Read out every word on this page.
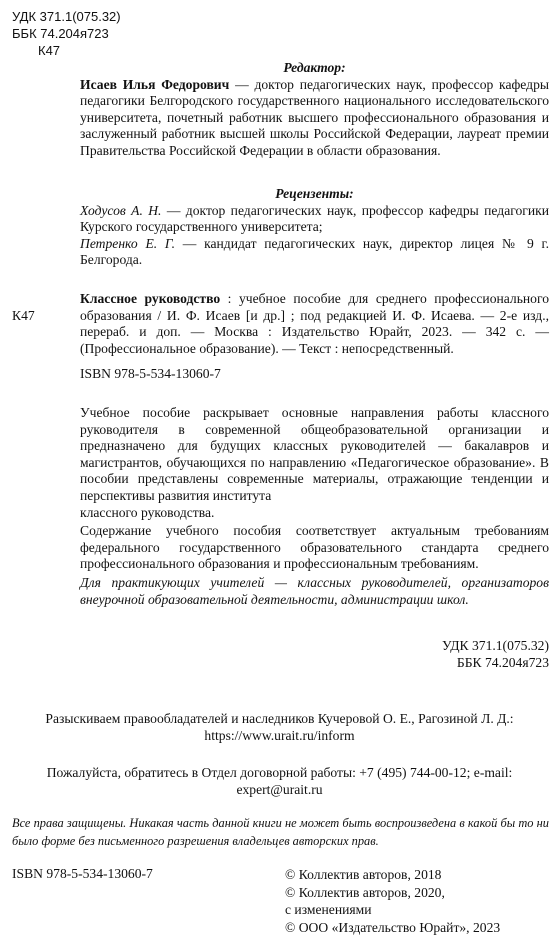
УДК 371.1(075.32)
ББК 74.204я723
К47
Редактор:
Исаев Илья Федорович — доктор педагогических наук, профессор кафедры педагогики Белгородского государственного национального исследовательского университета, почетный работник высшего профессионального образования и заслуженный работник высшей школы Российской Федерации, лауреат премии Правительства Российской Федерации в области образования.
Рецензенты:
Ходусов А. Н. — доктор педагогических наук, профессор кафедры педагогики Курского государственного университета;
Петренко Е. Г. — кандидат педагогических наук, директор лицея № 9 г. Белгорода.
К47
Классное руководство : учебное пособие для среднего профессионального образования / И. Ф. Исаев [и др.] ; под редакцией И. Ф. Исаева. — 2-е изд., перераб. и доп. — Москва : Издательство Юрайт, 2023. — 342 с. — (Профессиональное образование). — Текст : непосредственный.
ISBN 978-5-534-13060-7
Учебное пособие раскрывает основные направления работы классного руководителя в современной общеобразовательной организации и предназначено для будущих классных руководителей — бакалавров и магистрантов, обучающихся по направлению «Педагогическое образование». В пособии представлены современные материалы, отражающие тенденции и перспективы развития института
классного руководства.
Содержание учебного пособия соответствует актуальным требованиям федерального государственного образовательного стандарта среднего профессионального образования и профессиональным требованиям.
Для практикующих учителей — классных руководителей, организаторов внеурочной образовательной деятельности, администрации школ.
УДК 371.1(075.32)
ББК 74.204я723
Разыскиваем правообладателей и наследников Кучеровой О. Е., Рагозиной Л. Д.:
https://www.urait.ru/inform
Пожалуйста, обратитесь в Отдел договорной работы: +7 (495) 744-00-12; e-mail:
expert@urait.ru
Все права защищены. Никакая часть данной книги не может быть воспроизведена в какой бы то ни было форме без письменного разрешения владельцев авторских прав.
ISBN 978-5-534-13060-7	© Коллектив авторов, 2018
© Коллектив авторов, 2020,
с изменениями
© ООО «Издательство Юрайт», 2023
